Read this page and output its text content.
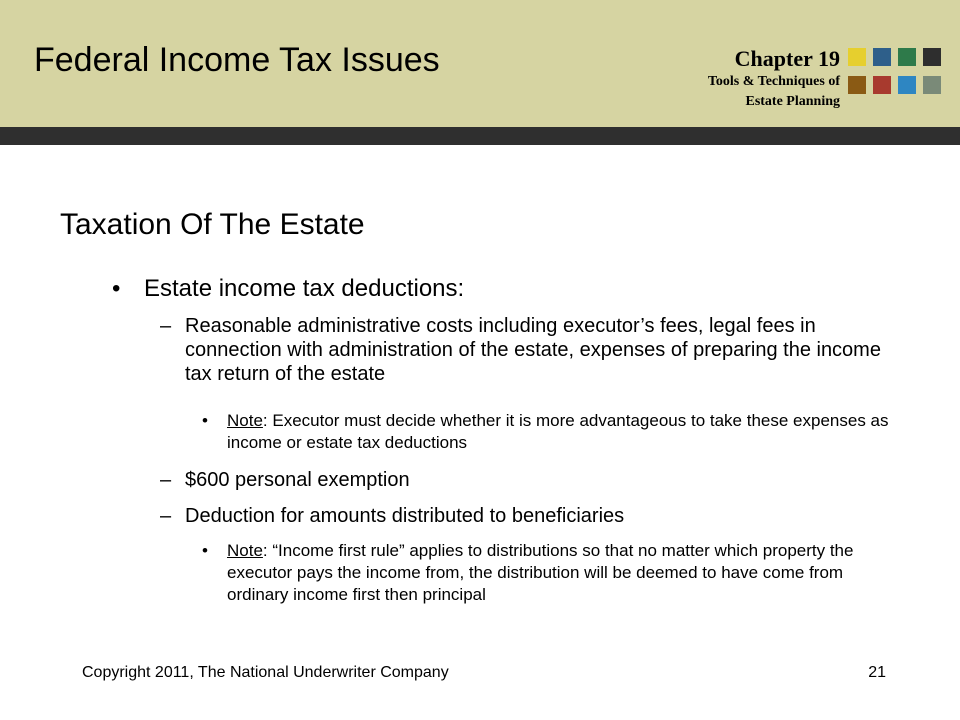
Federal Income Tax Issues	Chapter 19
Tools & Techniques of
Estate Planning
Taxation Of The Estate
• Estate income tax deductions:
– Reasonable administrative costs including executor’s fees, legal fees in connection with administration of the estate, expenses of preparing the income tax return of the estate
• Note: Executor must decide whether it is more advantageous to take these expenses as income or estate tax deductions
– $600 personal exemption
– Deduction for amounts distributed to beneficiaries
• Note: “Income first rule” applies to distributions so that no matter which property the executor pays the income from, the distribution will be deemed to have come from ordinary income first then principal
Copyright 2011, The National Underwriter Company	21
